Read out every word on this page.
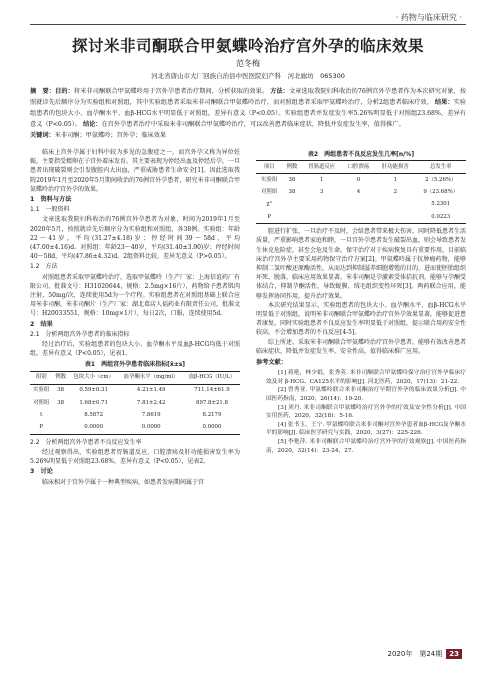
· 药物与临床研究 ·
探讨米非司酮联合甲氨蝶呤治疗宫外孕的临床效果
范冬梅
河北省唐山市大厂回族自治县中医医院妇产科　河北廊坊　065300
摘　要：目的：将米非司酮联合甲氨蝶呤用于宫外孕患者治疗期间，分析获取的效果。 方法：文章选取我院妇科收治的76例宫外孕患者作为本次研究对象，按照就诊先后顺序分为实验组和对照组，其中实验组患者采取米非司酮联合甲氨蝶呤治疗，而对照组患者采取甲氨蝶呤治疗，分析2组患者临床疗效。 结果：实验组患者的包块大小、血孕酮水平、血β-HCG水平明显低于对照组，差异有意义（P<0.05）。实验组患者并发症发生率5.26%明显低于对照组23.68%，差异有意义（P<0.05）。 结论：在宫外孕患者治疗中采取米非司酮联合甲氨蝶呤治疗，可以改善患者临床症状，降低并发症发生率，值得推广。
关键词：米非司酮；甲氨蝶呤；宫外孕；临床效果

临床上宫外孕属于妇科中较为多见的急腹症之一，而宫外孕又称为异位妊娠，主要指受精卵在子宫外着床发育。其主要表现为停经出血及停经后孕，一旦患者出现破裂则会引发腹腔内大出血，严重威胁患者生命安全[1]。因此选取我院2019年1月至2020年5月期间收治的76例宫外孕患者，研究米非司酮联合甲氨蝶呤治疗宫外孕的效果。

1　资料与方法
1.1　一般资料

文章选取我院妇科收治的76例宫外孕患者为对象，时间为2019年1月至2020年5月，按照就诊先后顺序分为实验组和对照组，各38例。实验组：年龄22～41岁，平均(31.27±4.18)岁；停经时间39～58d，平均(47.00±4.16)d。对照组：年龄23～40岁，平均(31.40±3.90)岁；停经时间40～58d，平均(47.86±4.32)d。2组资料比较，差异无意义（P>0.05）。

1.2　方法

对照组患者采取甲氨蝶呤治疗，选取甲氨蝶呤（生产厂家：上海信谊药厂有限公司，批准文号：H31020644，规格：2.5mg×16片），药物给予患者肌肉注射，50mg/次，连续使用5d为一个疗程。实验组患者在对照组基础上联合应用米非司酮，米非司酮片（生产厂家：湖北葛店人福药业有限责任公司，批准文号：H20033551，规格：10mg×1片），每日2次，口服，连续使用5d。

2　结果
2.1　分析两组宫外孕患者的临床指标

经过治疗后，实验组患者的包块大小、血孕酮水平及血β-HCG均低于对照组，差异有意义（P<0.05），见表1。

表1　两组宫外孕患者临床指标[x̄±s]
组别	例数	包块大小（cm）	血孕酮水平（mg/ml）	血β-HCG（IU/L）
实验组	38	0.59±0.31	4.21±1.49	711.14±61.9
对照组	38	1.68±0.71	7.81±2.42	897.8±21.8
t		8.5872	7.8619	8.2179
P		0.0000	0.0000	0.0000
2.2　分析两组宫外孕患者不良反应发生率

经过观察得出，实验组患者胃肠道反应、口腔溃疡及肝功能损害发生率为5.26%明显低于对照组23.68%，差异有意义（P<0.05），见表2。

3　讨论

临床相对于宫外孕属于一种典型疾病，如患者发病期间属于宫

表2　两组患者不良反应发生几率[n/%]
项目	例数	胃肠道反应	口腔溃疡	肝功能损害	总发生率
实验组	38	1	0	1	2（5.26%）
对照组	38	3	4	2	9（23.68%）
χ²					5.2301
P					0.0223

腔进行扩张，一旦治疗不及时，会给患者带来极大伤害，同时降低患者生活质量，严重影响患者家庭和睦，一旦宫外孕患者发生破裂出血，则会导致患者发生休克危险症，甚至会危及生命。保守治疗对于疾病恢复具有重要作用，目前临床治疗宫外孕主要采用药物保守治疗方案[2]。甲氨蝶呤属于抗肿瘤药物，能够抑制二氢叶酸还原酶活性，从而达到抑制滋养细胞增殖的目的，进而使胚胎组织坏死、脱落，临床应用效果显著。米非司酮是孕激素受体拮抗剂，能够与孕酮受体结合，抑制孕酮活性，导致蜕膜、绒毛组织变性坏死[3]。两药联合应用，能够发挥协同作用，提升治疗效果。

本次研究结果显示，实验组患者的包块大小、血孕酮水平、血β-HCG水平明显低于对照组，说明米非司酮联合甲氨蝶呤治疗宫外孕效果显著，能够促进患者康复。同时实验组患者不良反应发生率明显低于对照组，提示联合用药安全性较高，不会增加患者的不良反应[4-5]。

综上所述，采取米非司酮联合甲氨蝶呤治疗宫外孕患者，能够有效改善患者临床症状，降低并发症发生率，安全性高，值得临床推广应用。

参考文献：

[1] 蒋艳，林少娟，张秀英. 米非司酮联合甲氨蝶呤保守治疗宫外孕临床疗效及对 β-HCG、CA125水平的影响[J]. 河北医药，2020，17(13)：21-22.

[2] 曾秀亚. 甲氨蝶呤联合米非司酮治疗早期宫外孕的临床效果分析[J]. 中国医药指南，2020，26(14)：19-20.

[3] 刘丹. 米非司酮联合甲氨蝶呤治疗宫外孕的疗效及安全性分析[J]. 中国实用医药，2020，32(18)：5-16.

[4] 张书玉，王宁. 甲氨蝶呤联合米非司酮对宫外孕患者血β-HCG及孕酮水平的影响[J]. 临床医学研究与实践，2020，3(27)：225-226.

[5] 李艳萍. 米非司酮联合甲氨蝶呤治疗宫外孕的疗效观察[J]. 中国医药指南，2020，32(14)：23-24，27.

2020年　第24期 23
